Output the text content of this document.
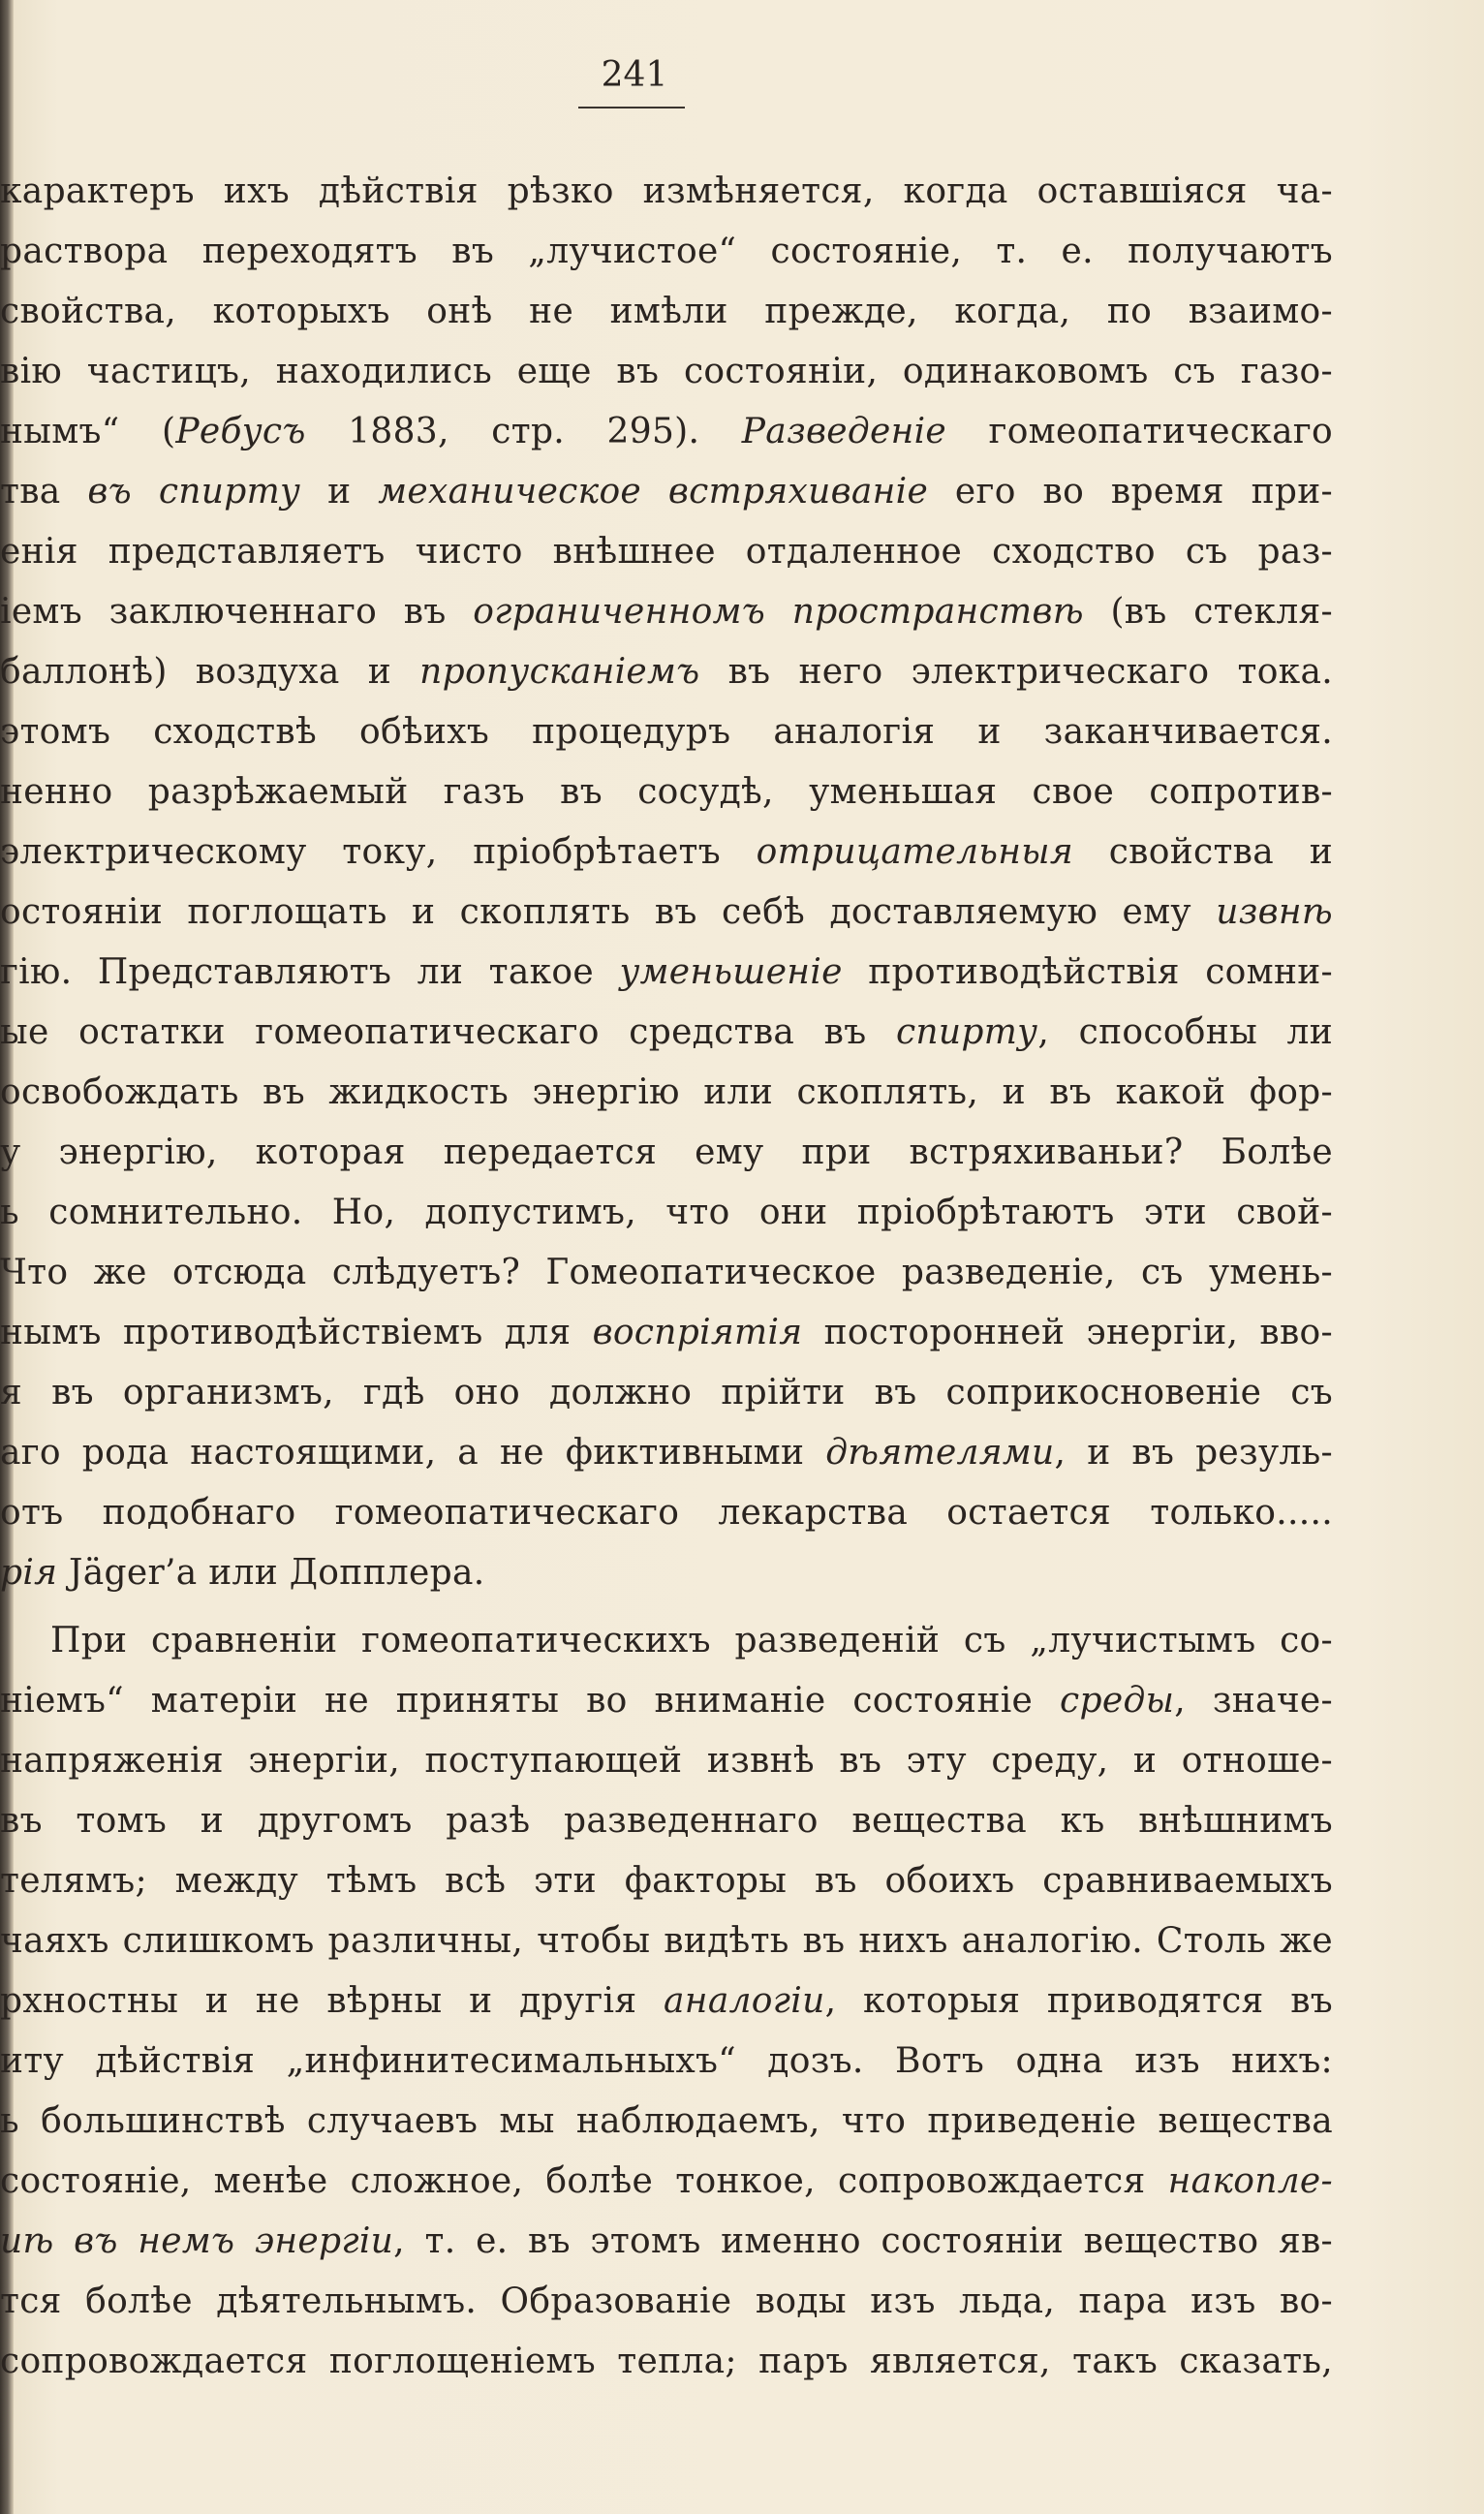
241
карактеръ ихъ дѣйствія рѣзко измѣняется, когда оставшіяся ча-
раствора переходятъ въ „лучистое“ состояніе, т. е. получаютъ
свойства, которыхъ онѣ не имѣли прежде, когда, по взаимо-
вію частицъ, находились еще въ состояніи, одинаковомъ съ газо-
нымъ“ (Ребусъ 1883, стр. 295). Разведеніе гомеопатическаго
тва въ спирту и механическое встряхиваніе его во время при-
енія представляетъ чисто внѣшнее отдаленное сходство съ раз-
іемъ заключеннаго въ ограниченномъ пространствѣ (въ стекля-
баллонѣ) воздуха и пропусканіемъ въ него электрическаго тока.
этомъ сходствѣ обѣихъ процедуръ аналогія и заканчивается.
ненно разрѣжаемый газъ въ сосудѣ, уменьшая свое сопротив-
электрическому току, пріобрѣтаетъ отрицательныя свойства и
остояніи поглощать и скоплять въ себѣ доставляемую ему извнѣ
гію. Представляютъ ли такое уменьшеніе противодѣйствія сомни-
ые остатки гомеопатическаго средства въ спирту, способны ли
освобождать въ жидкость энергію или скоплять, и въ какой фор-
у энергію, которая передается ему при встряхиваньи? Болѣе
ь сомнительно. Но, допустимъ, что они пріобрѣтаютъ эти свой-
Что же отсюда слѣдуетъ? Гомеопатическое разведеніе, съ умень-
нымъ противодѣйствіемъ для воспріятія посторонней энергіи, вво-
я въ организмъ, гдѣ оно должно прійти въ соприкосновеніе съ
аго рода настоящими, а не фиктивными дѣятелями, и въ резуль-
отъ подобнаго гомеопатическаго лекарства остается только.....
рія Jäger’а или Допплера.
При сравненіи гомеопатическихъ разведеній съ „лучистымъ со-
ніемъ“ матеріи не приняты во вниманіе состояніе среды, значе-
напряженія энергіи, поступающей извнѣ въ эту среду, и отноше-
въ томъ и другомъ разѣ разведеннаго вещества къ внѣшнимъ
телямъ; между тѣмъ всѣ эти факторы въ обоихъ сравниваемыхъ
чаяхъ слишкомъ различны, чтобы видѣть въ нихъ аналогію. Столь же
рхностны и не вѣрны и другія аналогіи, которыя приводятся въ
иту дѣйствія „инфинитесимальныхъ“ дозъ. Вотъ одна изъ нихъ:
ь большинствѣ случаевъ мы наблюдаемъ, что приведеніе вещества
состояніе, менѣе сложное, болѣе тонкое, сопровождается накопле-
иѣ въ немъ энергіи, т. е. въ этомъ именно состояніи вещество яв-
тся болѣе дѣятельнымъ. Образованіе воды изъ льда, пара изъ во-
сопровождается поглощеніемъ тепла; паръ является, такъ сказать,
